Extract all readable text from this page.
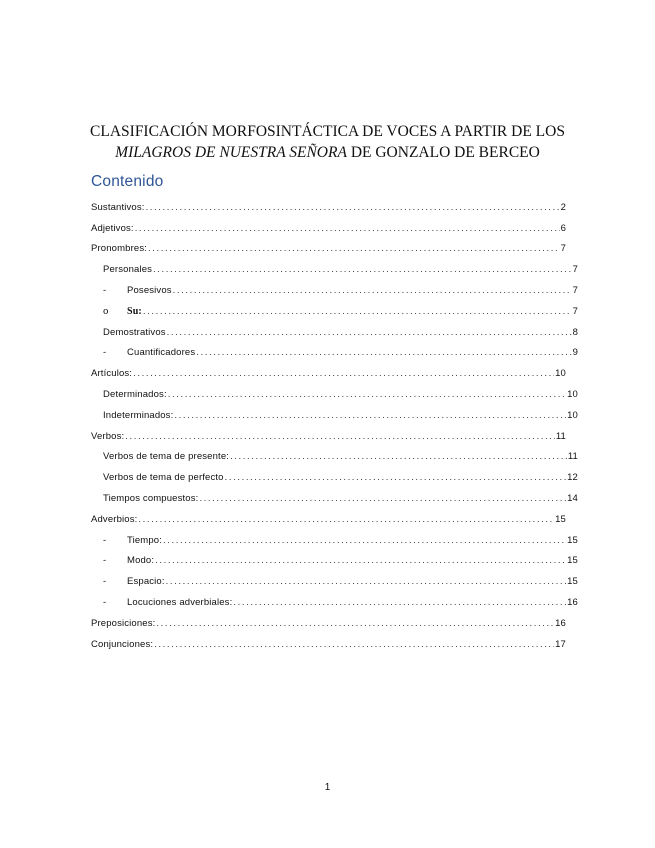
CLASIFICACIÓN MORFOSINTÁCTICA DE VOCES A PARTIR DE LOS
MILAGROS DE NUESTRA SEÑORA DE GONZALO DE BERCEO
Contenido
Sustantivos: .....	2
Adjetivos: .....	6
Pronombres: .....	7
Personales .....	7
-	Posesivos .....	7
o	Su: .....	7
Demostrativos .....	8
-	Cuantificadores .....	9
Artículos: .....	10
Determinados: .....	10
Indeterminados: .....	10
Verbos: .....	11
Verbos de tema de presente: .....	11
Verbos de tema de perfecto .....	12
Tiempos compuestos: .....	14
Adverbios: .....	15
-	Tiempo: .....	15
-	Modo: .....	15
-	Espacio: .....	15
-	Locuciones adverbiales: .....	16
Preposiciones: .....	16
Conjunciones: .....	17
1
